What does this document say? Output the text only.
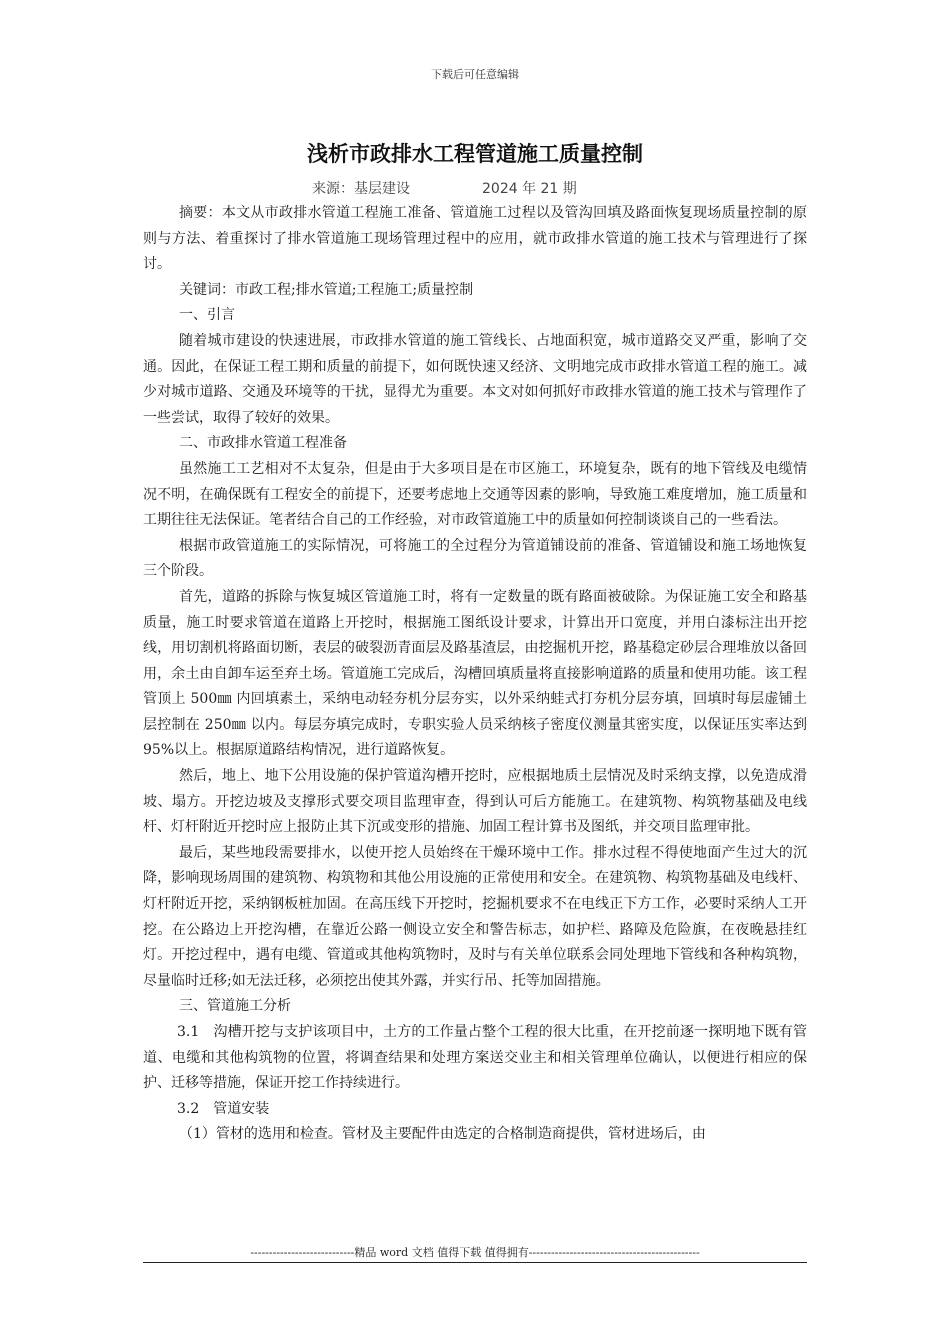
下载后可任意编辑
浅析市政排水工程管道施工质量控制
来源：基层建设	2024 年 21 期

摘要：本文从市政排水管道工程施工准备、管道施工过程以及管沟回填及路面恢复现场质量控制的原则与方法、着重探讨了排水管道施工现场管理过程中的应用，就市政排水管道的施工技术与管理进行了探讨。

关键词：市政工程;排水管道;工程施工;质量控制

一、引言

随着城市建设的快速进展，市政排水管道的施工管线长、占地面积宽，城市道路交叉严重，影响了交通。因此，在保证工程工期和质量的前提下，如何既快速又经济、文明地完成市政排水管道工程的施工。减少对城市道路、交通及环境等的干扰，显得尤为重要。本文对如何抓好市政排水管道的施工技术与管理作了一些尝试，取得了较好的效果。

二、市政排水管道工程准备

虽然施工工艺相对不太复杂，但是由于大多项目是在市区施工，环境复杂，既有的地下管线及电缆情况不明，在确保既有工程安全的前提下，还要考虑地上交通等因素的影响，导致施工难度增加，施工质量和工期往往无法保证。笔者结合自己的工作经验，对市政管道施工中的质量如何控制谈谈自己的一些看法。

根据市政管道施工的实际情况，可将施工的全过程分为管道铺设前的准备、管道铺设和施工场地恢复三个阶段。

首先，道路的拆除与恢复城区管道施工时，将有一定数量的既有路面被破除。为保证施工安全和路基质量，施工时要求管道在道路上开挖时，根据施工图纸设计要求，计算出开口宽度，并用白漆标注出开挖线，用切割机将路面切断，表层的破裂沥青面层及路基渣层，由挖掘机开挖，路基稳定砂层合理堆放以备回用，余土由自卸车运至弃土场。管道施工完成后，沟槽回填质量将直接影响道路的质量和使用功能。该工程管顶上 500㎜ 内回填素土，采纳电动轻夯机分层夯实，以外采纳蛙式打夯机分层夯填，回填时每层虚铺土层控制在 250㎜ 以内。每层夯填完成时，专职实验人员采纳核子密度仪测量其密实度，以保证压实率达到 95%以上。根据原道路结构情况，进行道路恢复。

然后，地上、地下公用设施的保护管道沟槽开挖时，应根据地质土层情况及时采纳支撑，以免造成滑坡、塌方。开挖边坡及支撑形式要交项目监理审查，得到认可后方能施工。在建筑物、构筑物基础及电线杆、灯杆附近开挖时应上报防止其下沉或变形的措施、加固工程计算书及图纸，并交项目监理审批。

最后，某些地段需要排水，以使开挖人员始终在干燥环境中工作。排水过程不得使地面产生过大的沉降，影响现场周围的建筑物、构筑物和其他公用设施的正常使用和安全。在建筑物、构筑物基础及电线杆、灯杆附近开挖，采纳钢板桩加固。在高压线下开挖时，挖掘机要求不在电线正下方工作，必要时采纳人工开挖。在公路边上开挖沟槽，在靠近公路一侧设立安全和警告标志，如护栏、路障及危险旗，在夜晚悬挂红灯。开挖过程中，遇有电缆、管道或其他构筑物时，及时与有关单位联系会同处理地下管线和各种构筑物，尽量临时迁移;如无法迁移，必须挖出使其外露，并实行吊、托等加固措施。

三、管道施工分析

3.1　沟槽开挖与支护该项目中，土方的工作量占整个工程的很大比重，在开挖前逐一探明地下既有管道、电缆和其他构筑物的位置，将调查结果和处理方案送交业主和相关管理单位确认，以便进行相应的保护、迁移等措施，保证开挖工作持续进行。

3.2　管道安装

（1）管材的选用和检查。管材及主要配件由选定的合格制造商提供，管材进场后，由

----------------------------精品 word 文档 值得下载 值得拥有----------------------------------------------
